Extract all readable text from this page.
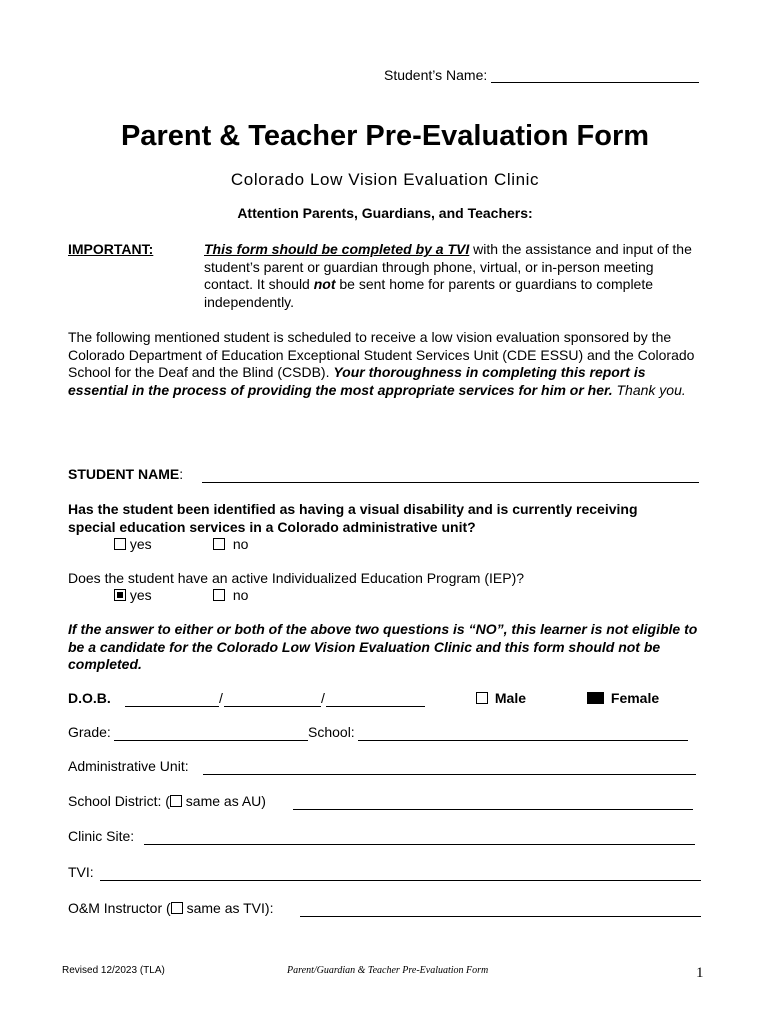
Student’s Name:
Parent & Teacher Pre-Evaluation Form
Colorado Low Vision Evaluation Clinic
Attention Parents, Guardians, and Teachers:
IMPORTANT:	This form should be completed by a TVI with the assistance and input of the student’s parent or guardian through phone, virtual, or in-person meeting contact. It should not be sent home for parents or guardians to complete independently.
The following mentioned student is scheduled to receive a low vision evaluation sponsored by the Colorado Department of Education Exceptional Student Services Unit (CDE ESSU) and the Colorado School for the Deaf and the Blind (CSDB). Your thoroughness in completing this report is essential in the process of providing the most appropriate services for him or her. Thank you.
STUDENT NAME:
Has the student been identified as having a visual disability and is currently receiving special education services in a Colorado administrative unit?
yes	no
Does the student have an active Individualized Education Program (IEP)?
yes	no
If the answer to either or both of the above two questions is “NO”, this learner is not eligible to be a candidate for the Colorado Low Vision Evaluation Clinic and this form should not be completed.
D.O.B.	/	/	Male	Female
Grade:	School:
Administrative Unit:
School District: ( same as AU)
Clinic Site:
TVI:
O&M Instructor ( same as TVI):
Revised 12/2023 (TLA)	Parent/Guardian & Teacher Pre-Evaluation Form	1
